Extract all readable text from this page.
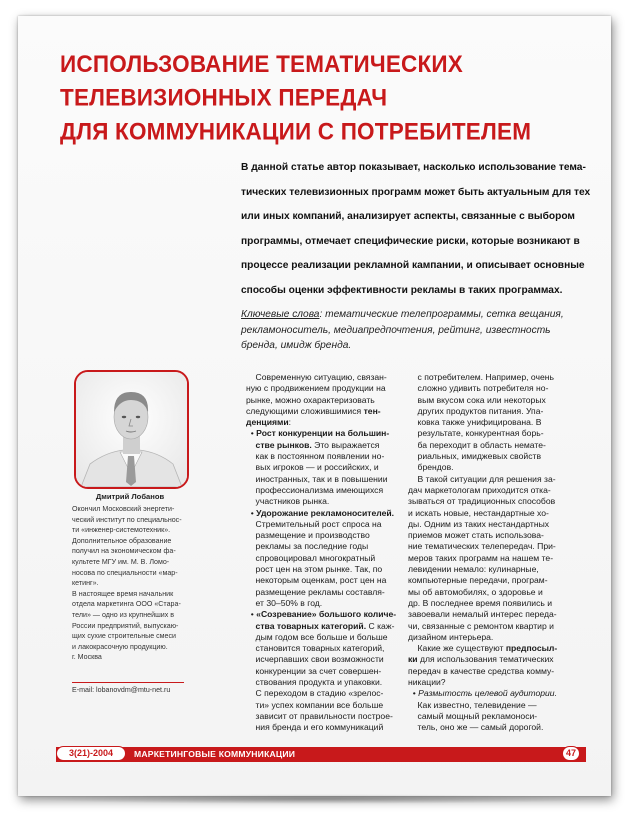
ИСПОЛЬЗОВАНИЕ ТЕМАТИЧЕСКИХ
ТЕЛЕВИЗИОННЫХ ПЕРЕДАЧ
ДЛЯ КОММУНИКАЦИИ С ПОТРЕБИТЕЛЕМ
В данной статье автор показывает, насколько использование тема-
тических телевизионных программ может быть актуальным для тех
или иных компаний, анализирует аспекты, связанные с выбором
программы, отмечает специфические риски, которые возникают в
процессе реализации рекламной кампании, и описывает основные
способы оценки эффективности рекламы в таких программах.
Ключевые слова: тематические телепрограммы, сетка вещания,
рекламоноситель, медиапредпочтения, рейтинг, известность
бренда, имидж бренда.
Дмитрий Лобанов
Окончил Московский энергети-
ческий институт по специальнос-
ти «инженер-системотехник».
Дополнительное образование
получил на экономическом фа-
культете МГУ им. М. В. Ломо-
носова по специальности «мар-
кетинг».
В настоящее время начальник
отдела маркетинга ООО «Стара-
тели» — одно из крупнейших в
России предприятий, выпускаю-
щих сухие строительные смеси
и лакокрасочную продукцию.
г. Москва
E-mail: lobanovdm@mtu-net.ru
Современную ситуацию, связан-
ную с продвижением продукции на
рынке, можно охарактеризовать
следующими сложившимися тен-
денциями:
• Рост конкуренции на большин-
стве рынков. Это выражается
как в постоянном появлении но-
вых игроков — и российских, и
иностранных, так и в повышении
профессионализма имеющихся
участников рынка.
• Удорожание рекламоносителей.
Стремительный рост спроса на
размещение и производство
рекламы за последние годы
спровоцировал многократный
рост цен на этом рынке. Так, по
некоторым оценкам, рост цен на
размещение рекламы составля-
ет 30–50% в год.
• «Созревание» большого количе-
ства товарных категорий. С каж-
дым годом все больше и больше
становится товарных категорий,
исчерпавших свои возможности
конкуренции за счет совершен-
ствования продукта и упаковки.
С переходом в стадию «зрелос-
ти» успех компании все больше
зависит от правильности построе-
ния бренда и его коммуникаций
с потребителем. Например, очень
сложно удивить потребителя но-
вым вкусом сока или некоторых
других продуктов питания. Упа-
ковка также унифицирована. В
результате, конкурентная борь-
ба переходит в область немате-
риальных, имиджевых свойств
брендов.
В такой ситуации для решения за-
дач маркетологам приходится отка-
зываться от традиционных способов
и искать новые, нестандартные хо-
ды. Одним из таких нестандартных
приемов может стать использова-
ние тематических телепередач. При-
меров таких программ на нашем те-
левидении немало: кулинарные,
компьютерные передачи, програм-
мы об автомобилях, о здоровье и
др. В последнее время появились и
завоевали немалый интерес переда-
чи, связанные с ремонтом квартир и
дизайном интерьера.
Какие же существуют предпосыл-
ки для использования тематических
передач в качестве средства комму-
никации?
• Размытость целевой аудитории.
Как известно, телевидение —
самый мощный рекламоноси-
тель, оно же — самый дорогой.
3(21)-2004	МАРКЕТИНГОВЫЕ КОММУНИКАЦИИ	47
